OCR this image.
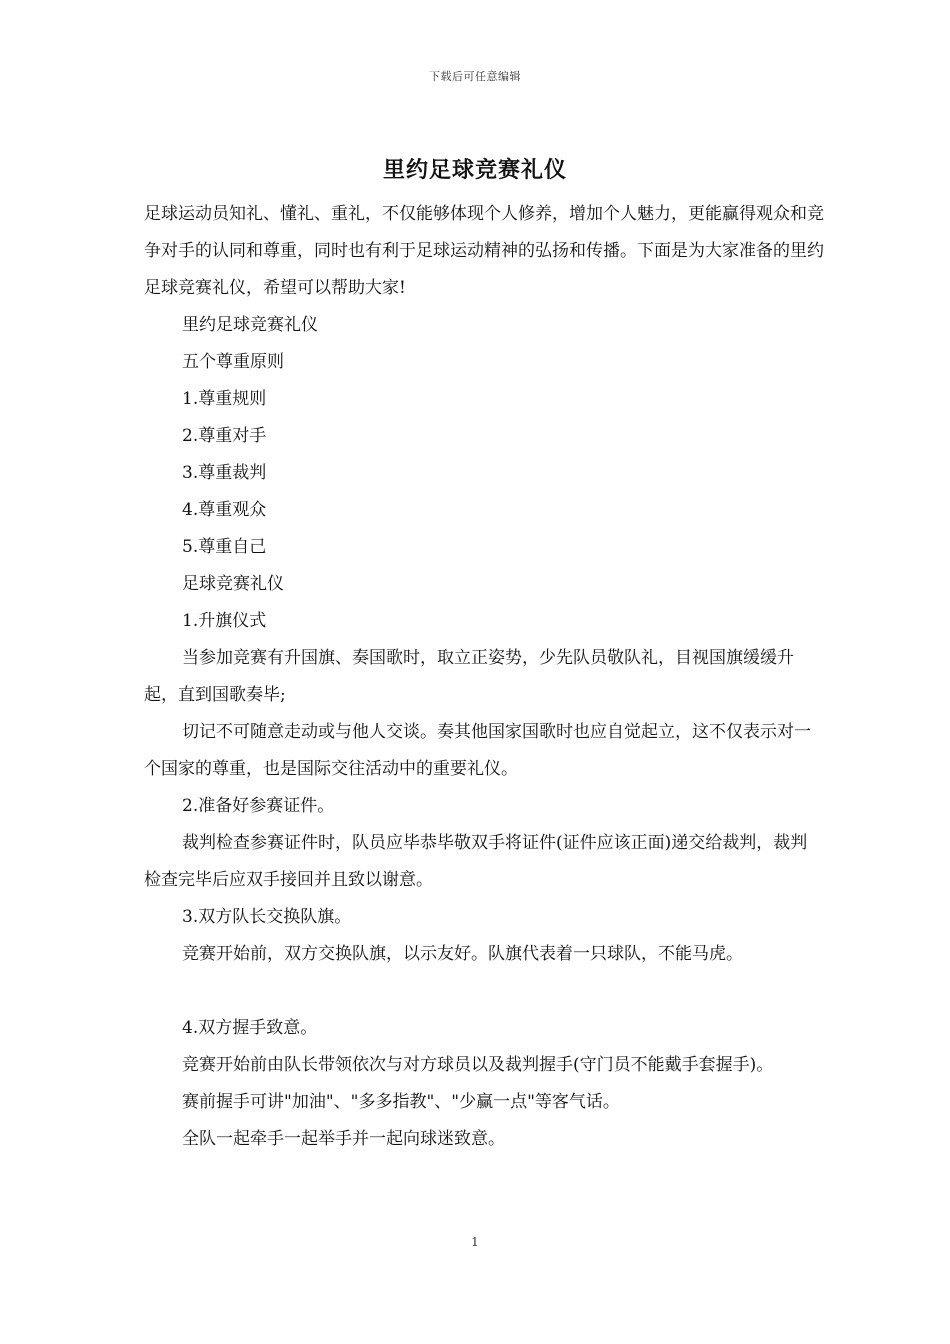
下载后可任意编辑
里约足球竞赛礼仪

足球运动员知礼、懂礼、重礼，不仅能够体现个人修养，增加个人魅力，更能赢得观众和竞争对手的认同和尊重，同时也有利于足球运动精神的弘扬和传播。下面是为大家准备的里约足球竞赛礼仪，希望可以帮助大家!

里约足球竞赛礼仪

五个尊重原则

1.尊重规则

2.尊重对手

3.尊重裁判

4.尊重观众

5.尊重自己

足球竞赛礼仪

1.升旗仪式

当参加竞赛有升国旗、奏国歌时，取立正姿势，少先队员敬队礼，目视国旗缓缓升起，直到国歌奏毕;

切记不可随意走动或与他人交谈。奏其他国家国歌时也应自觉起立，这不仅表示对一个国家的尊重，也是国际交往活动中的重要礼仪。

2.准备好参赛证件。

裁判检查参赛证件时，队员应毕恭毕敬双手将证件(证件应该正面)递交给裁判，裁判检查完毕后应双手接回并且致以谢意。

3.双方队长交换队旗。

竞赛开始前，双方交换队旗，以示友好。队旗代表着一只球队，不能马虎。

4.双方握手致意。

竞赛开始前由队长带领依次与对方球员以及裁判握手(守门员不能戴手套握手)。

赛前握手可讲"加油"、"多多指教"、"少赢一点"等客气话。

全队一起牵手一起举手并一起向球迷致意。

1
